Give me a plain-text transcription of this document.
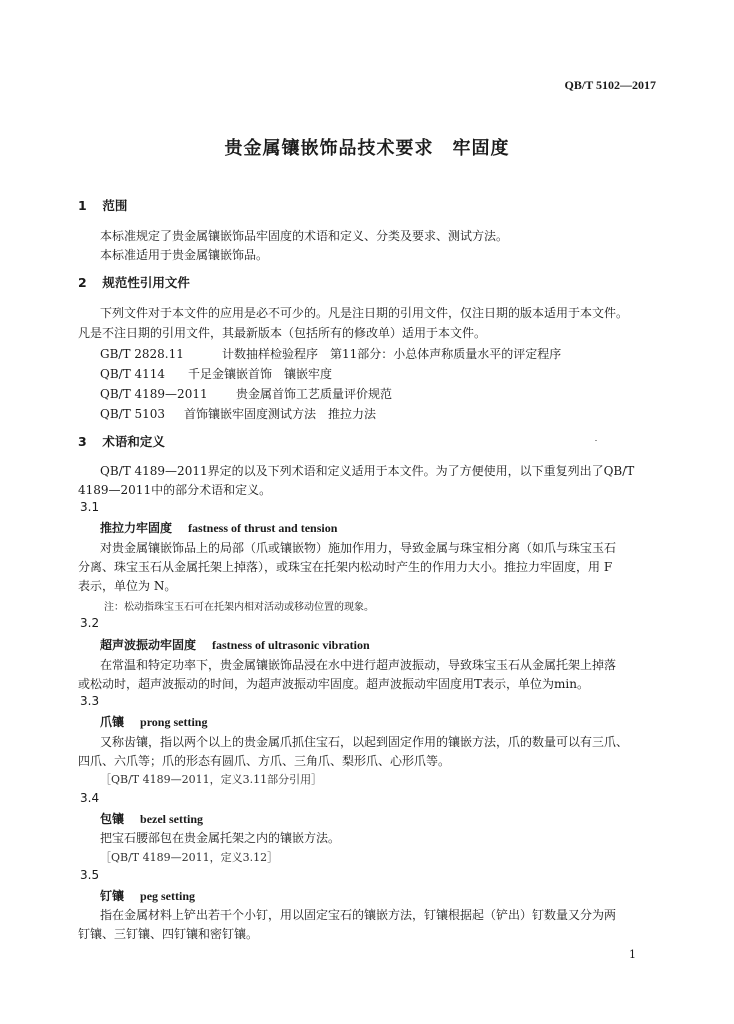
QB/T 5102—2017
贵金属镶嵌饰品技术要求　牢固度
1 范围
本标准规定了贵金属镶嵌饰品牢固度的术语和定义、分类及要求、测试方法。
本标准适用于贵金属镶嵌饰品。
2 规范性引用文件
下列文件对于本文件的应用是必不可少的。凡是注日期的引用文件，仅注日期的版本适用于本文件。
凡是不注日期的引用文件，其最新版本（包括所有的修改单）适用于本文件。
GB/T 2828.11	计数抽样检验程序　第11部分：小总体声称质量水平的评定程序
QB/T 4114 千足金镶嵌首饰　镶嵌牢度
QB/T 4189—2011 贵金属首饰工艺质量评价规范
QB/T 5103 首饰镶嵌牢固度测试方法　推拉力法
3 术语和定义
QB/T 4189—2011界定的以及下列术语和定义适用于本文件。为了方便使用，以下重复列出了QB/T
4189—2011中的部分术语和定义。
3.1
推拉力牢固度 fastness of thrust and tension
对贵金属镶嵌饰品上的局部（爪或镶嵌物）施加作用力，导致金属与珠宝相分离（如爪与珠宝玉石
分离、珠宝玉石从金属托架上掉落），或珠宝在托架内松动时产生的作用力大小。推拉力牢固度，用 F
表示，单位为 N。
注：松动指珠宝玉石可在托架内相对活动或移动位置的现象。
3.2
超声波振动牢固度 fastness of ultrasonic vibration
在常温和特定功率下，贵金属镶嵌饰品浸在水中进行超声波振动，导致珠宝玉石从金属托架上掉落
或松动时，超声波振动的时间，为超声波振动牢固度。超声波振动牢固度用T表示，单位为min。
3.3
爪镶 prong setting
又称齿镶，指以两个以上的贵金属爪抓住宝石，以起到固定作用的镶嵌方法，爪的数量可以有三爪、
四爪、六爪等；爪的形态有圆爪、方爪、三角爪、梨形爪、心形爪等。
［QB/T 4189—2011，定义3.11部分引用］
3.4
包镶 bezel setting
把宝石腰部包在贵金属托架之内的镶嵌方法。
［QB/T 4189—2011，定义3.12］
3.5
钉镶 peg setting
指在金属材料上铲出若干个小钉，用以固定宝石的镶嵌方法，钉镶根据起（铲出）钉数量又分为两
钉镶、三钉镶、四钉镶和密钉镶。
1
